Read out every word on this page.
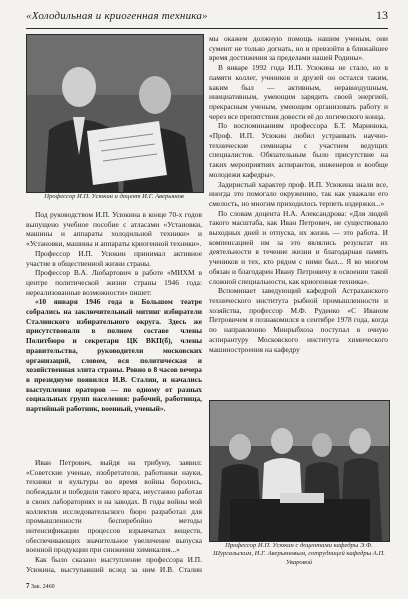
«Холодильная и криогенная техника»	13
Профессор И.П. Усюкин и доцент И.Г. Аверьянов

Под руководством И.П. Усюкина в конце 70-х годов выпущено учебное пособие с атласами «Установки, машины и аппараты холодильной техники» и «Установки, машины и аппараты криогенной техники».

Профессор И.П. Усюкин принимал активное участие в общественной жизни страны.

Профессор В.А. Любартович в работе «МИХМ в центре политической жизни страны 1946 года: нереализованные возможности» пишет:

«10 января 1946 года в Большом театре собрались на заключительный митинг избиратели Сталинского избирательного округа. Здесь же присутствовали в полном составе члены Политбюро и секретари ЦК ВКП(б), члены правительства, руководители московских организаций, словом, вся политическая и хозяйственная элита страны. Ровно в 8 часов вечера в президиуме появился И.В. Сталин, и начались выступления ораторов — по одному от разных социальных групп населения: рабочий, работница, партийный работник, военный, ученый».

Иван Петрович, выйдя на трибуну, заявил: «Советские ученые, изобретатели, работники науки, техники и культуры во время войны боролись, побеждали и победили такого врага, неустанно работая в своих лабораториях и на заводах. В годы войны мой коллектив исследовательского бюро разработал для промышленности бесперебойно методы интенсификации процессов взрывчатых веществ, обеспечивающих значительное увеличение выпуска военной продукции при снижении химикалия...»

Как было сказано выступление профессора И.П. Усюкина, выступавший вслед за ним И.В. Сталин

мы окажем должную помощь нашим ученым, они сумеют не только догнать, но и превзойти в ближайшее время достижения за пределами нашей Родины».

В январе 1992 года И.П. Усюкина не стало, но в памяти коллег, учеников и друзей он остался таким, каким был — активным, неравнодушным, инициативным, умеющим зарядить своей энергией, прекрасным ученым, умеющим организовать работу и через все препятствия довести её до логического конца.

По воспоминаниям профессора Б.Т. Маринюка, «Проф. И.П. Усюкин любил устраивать научно-технические семинары с участием ведущих специалистов. Обязательным было присутствие на таких мероприятиях аспирантов, инженеров и вообще молодежи кафедры».

Задиристый характер проф. И.П. Усюкина знали все, иногда это помогало окружению, так как уважали его смелость, но многим приходилось терпеть издержки...»

По словам доцента Н.А. Александрова: «Для людей такого масштаба, как Иван Петрович, не существовало выходных дней и отпуска, их жизнь — это работа. И компенсацией им за это являлись результат их деятельности в течение жизни и благодарная память учеников и тех, кто рядом с ними был... Я во многом обязан и благодарен Ивану Петровичу в освоении такой сложной специальности, как криогенная техника».

Вспоминает заведующий кафедрой Астраханского технического института рыбной промышленности и хозяйства, профессор М.Ф. Руденко «С Иваном Петровичем я познакомился в сентябре 1978 года, когда по направлению Минрыбхоза поступал в очную аспирантуру Московского института химического машиностроения на кафедру

Профессор И.П. Усюкин с доцентами кафедры Э.Ф. Шургальским, И.Г. Аверьяновым, сотрудницей кафедры А.П. Уваровой
7 Зак. 2460
